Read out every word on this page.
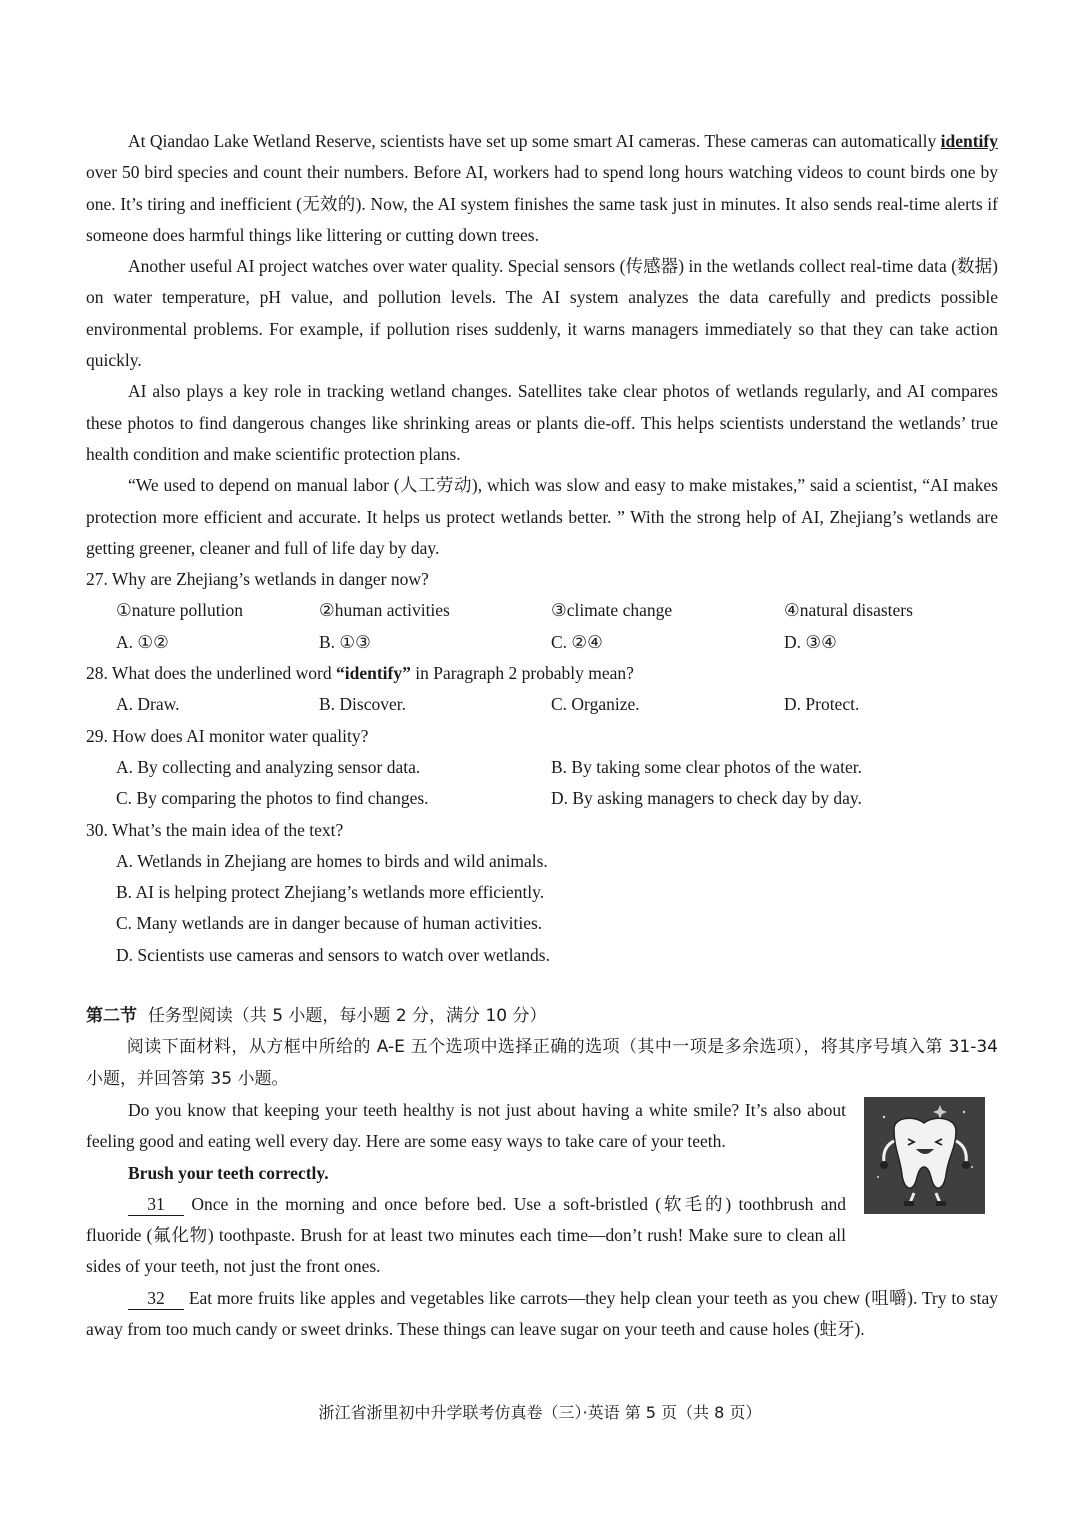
At Qiandao Lake Wetland Reserve, scientists have set up some smart AI cameras. These cameras can automatically identify over 50 bird species and count their numbers. Before AI, workers had to spend long hours watching videos to count birds one by one. It’s tiring and inefficient (无效的). Now, the AI system finishes the same task just in minutes. It also sends real-time alerts if someone does harmful things like littering or cutting down trees.

Another useful AI project watches over water quality. Special sensors (传感器) in the wetlands collect real-time data (数据) on water temperature, pH value, and pollution levels. The AI system analyzes the data carefully and predicts possible environmental problems. For example, if pollution rises suddenly, it warns managers immediately so that they can take action quickly.

AI also plays a key role in tracking wetland changes. Satellites take clear photos of wetlands regularly, and AI compares these photos to find dangerous changes like shrinking areas or plants die-off. This helps scientists understand the wetlands’ true health condition and make scientific protection plans.

“We used to depend on manual labor (人工劳动), which was slow and easy to make mistakes,” said a scientist, “AI makes protection more efficient and accurate. It helps us protect wetlands better. ” With the strong help of AI, Zhejiang’s wetlands are getting greener, cleaner and full of life day by day.

27. Why are Zhejiang’s wetlands in danger now?

①nature pollution	②human activities	③climate change	④natural disasters
A. ①②	B. ①③	C. ②④	D. ③④

28. What does the underlined word “identify” in Paragraph 2 probably mean?

A. Draw.	B. Discover.	C. Organize.	D. Protect.

29. How does AI monitor water quality?

A. By collecting and analyzing sensor data.	B. By taking some clear photos of the water.
C. By comparing the photos to find changes.	D. By asking managers to check day by day.

30. What’s the main idea of the text?

A. Wetlands in Zhejiang are homes to birds and wild animals.
B. AI is helping protect Zhejiang’s wetlands more efficiently.
C. Many wetlands are in danger because of human activities.
D. Scientists use cameras and sensors to watch over wetlands.
第二节 任务型阅读（共 5 小题，每小题 2 分，满分 10 分）

阅读下面材料，从方框中所给的 A-E 五个选项中选择正确的选项（其中一项是多余选项），将其序号填入第 31-34 小题，并回答第 35 小题。

Do you know that keeping your teeth healthy is not just about having a white smile? It’s also about feeling good and eating well every day. Here are some easy ways to take care of your teeth.

Brush your teeth correctly.

31 Once in the morning and once before bed. Use a soft-bristled (软毛的) toothbrush and fluoride (氟化物) toothpaste. Brush for at least two minutes each time—don’t rush! Make sure to clean all sides of your teeth, not just the front ones.

32 Eat more fruits like apples and vegetables like carrots—they help clean your teeth as you chew (咀嚼). Try to stay away from too much candy or sweet drinks. These things can leave sugar on your teeth and cause holes (蛀牙).

浙江省浙里初中升学联考仿真卷（三）·英语 第 5 页（共 8 页）
